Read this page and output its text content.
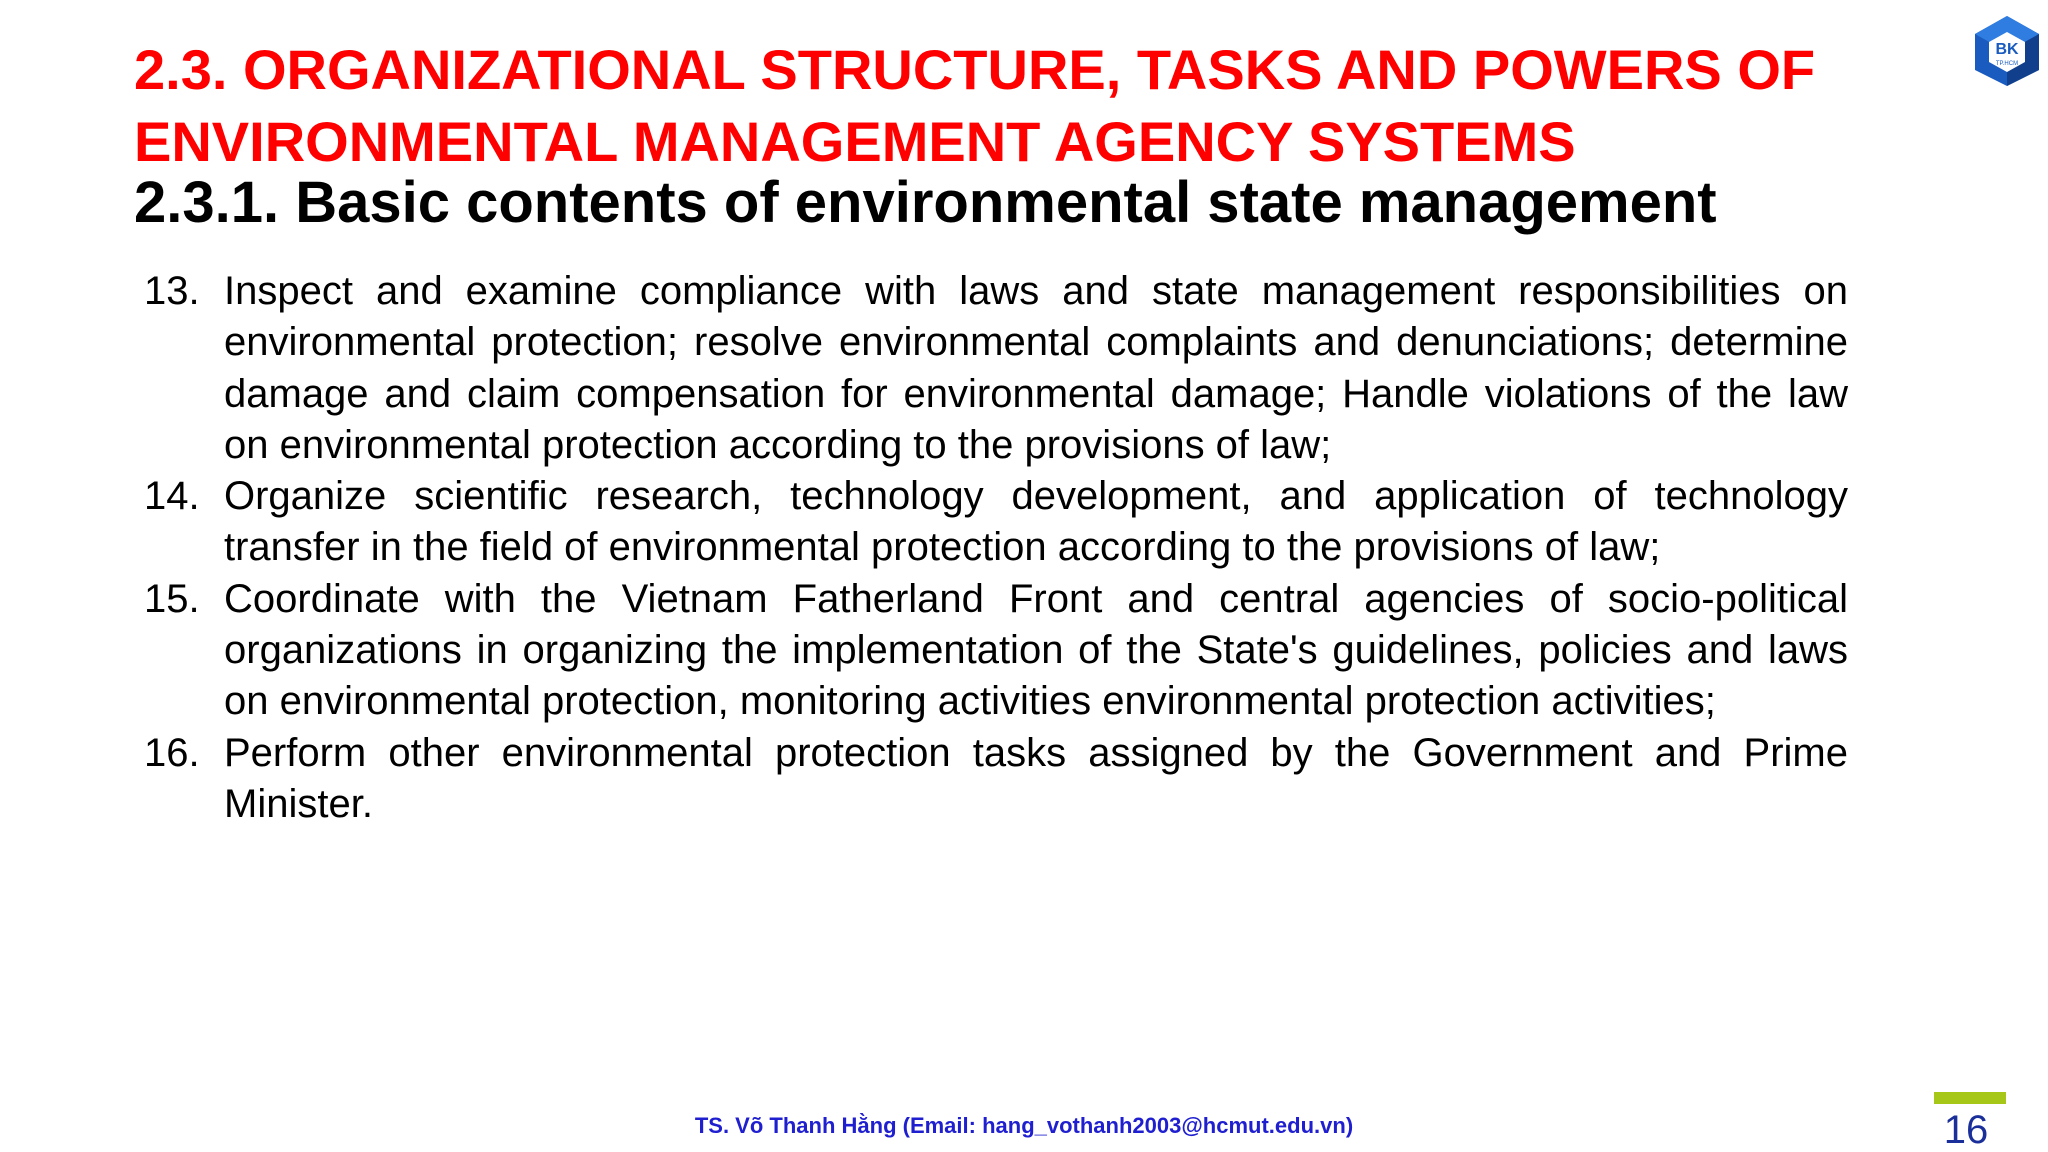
2.3. ORGANIZATIONAL STRUCTURE, TASKS AND POWERS OF
ENVIRONMENTAL MANAGEMENT AGENCY SYSTEMS
2.3.1. Basic contents of environmental state management
BK
TP.HCM
13. Inspect and examine compliance with laws and state management responsibilities on environmental protection; resolve environmental complaints and denunciations; determine damage and claim compensation for environmental damage; Handle violations of the law on environmental protection according to the provisions of law;
14. Organize scientific research, technology development, and application of technology transfer in the field of environmental protection according to the provisions of law;
15. Coordinate with the Vietnam Fatherland Front and central agencies of socio-political organizations in organizing the implementation of the State's guidelines, policies and laws on environmental protection, monitoring activities environmental protection activities;
16. Perform other environmental protection tasks assigned by the Government and Prime Minister.
TS. Võ Thanh Hằng (Email: hang_vothanh2003@hcmut.edu.vn)	16
